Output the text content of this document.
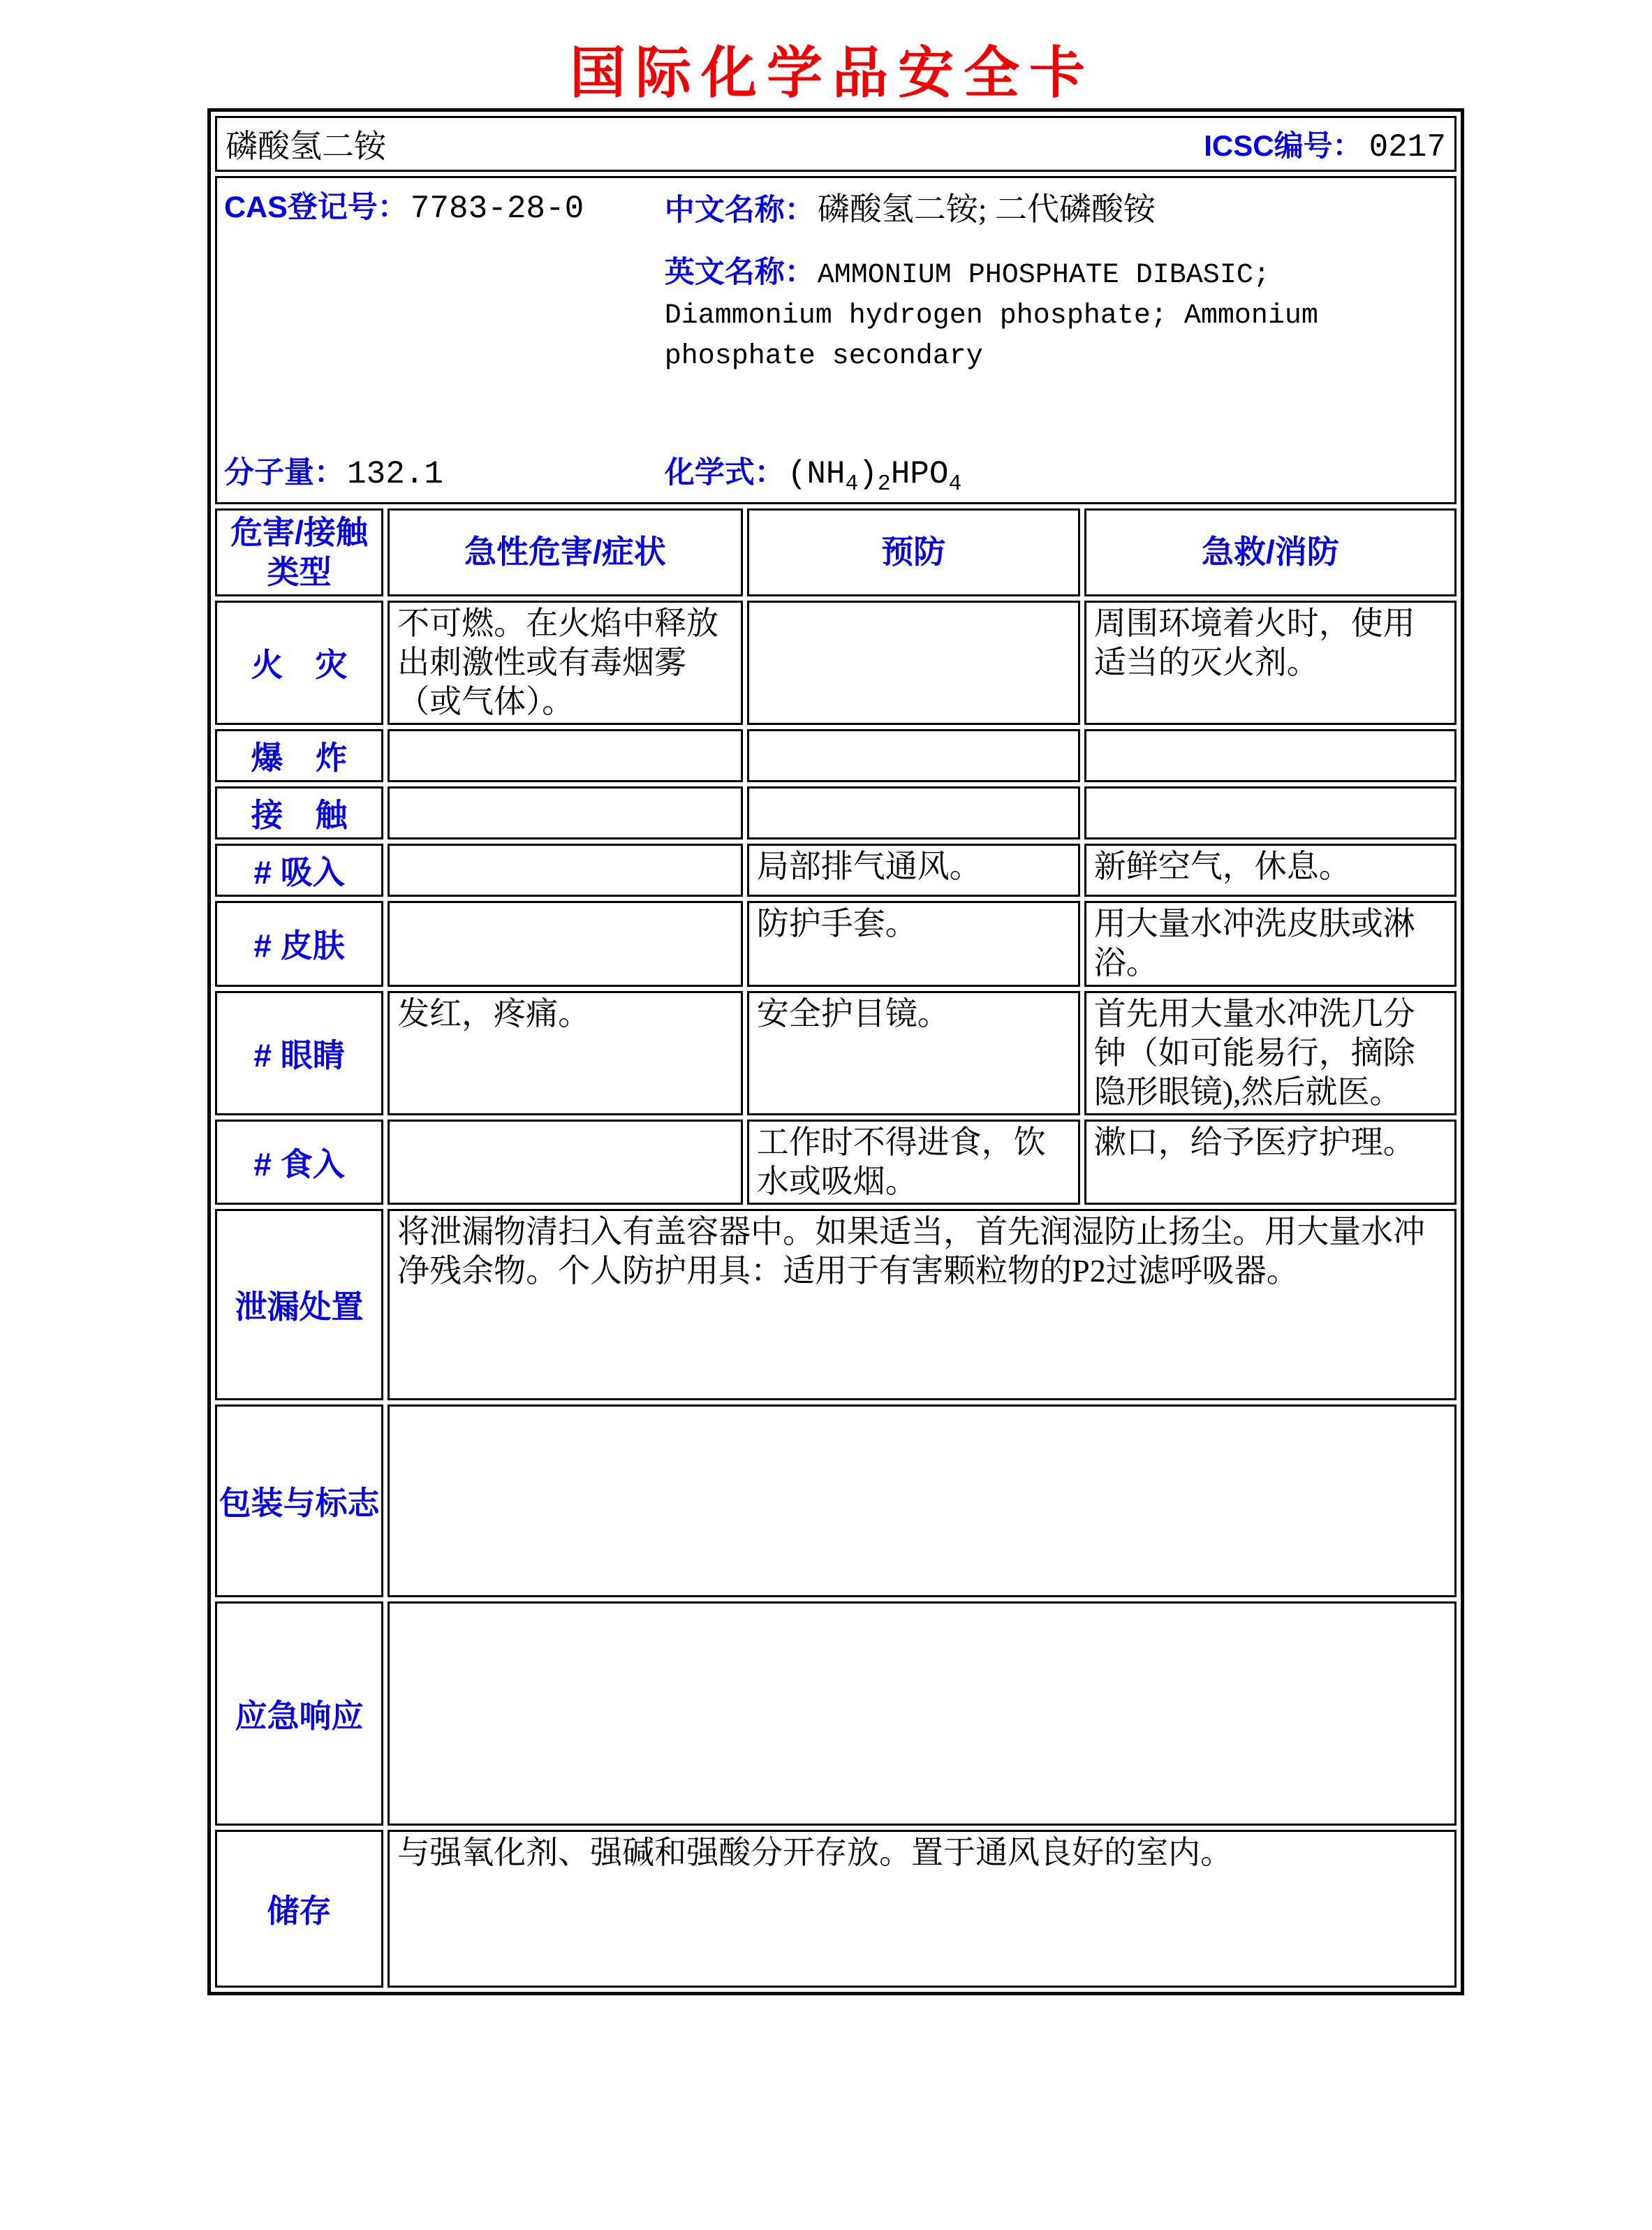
国际化学品安全卡
磷酸氢二铵 ICSC编号： 0217			

CAS登记号： 7783-28-0 中文名称： 磷酸氢二铵; 二代磷酸铵
英文名称： AMMONIUM PHOSPHATE DIBASIC; Diammonium hydrogen phosphate; Ammonium phosphate secondary
分子量： 132.1 化学式： $(NH_4)_2HPO_4$

危害/接触类型	急性危害/症状	预防	急救/消防
火　灾	不可燃。在火焰中释放出刺激性或有毒烟雾（或气体）。		周围环境着火时，使用适当的灭火剂。
爆　炸			
接　触			
# 吸入		局部排气通风。	新鲜空气，休息。
# 皮肤		防护手套。	用大量水冲洗皮肤或淋浴。
# 眼睛	发红，疼痛。	安全护目镜。	首先用大量水冲洗几分钟（如可能易行，摘除隐形眼镜),然后就医。
# 食入		工作时不得进食，饮水或吸烟。	漱口，给予医疗护理。
泄漏处置	将泄漏物清扫入有盖容器中。如果适当，首先润湿防止扬尘。用大量水冲净残余物。个人防护用具：适用于有害颗粒物的P2过滤呼吸器。		
包装与标志			
应急响应			
储存	与强氧化剂、强碱和强酸分开存放。置于通风良好的室内。		
